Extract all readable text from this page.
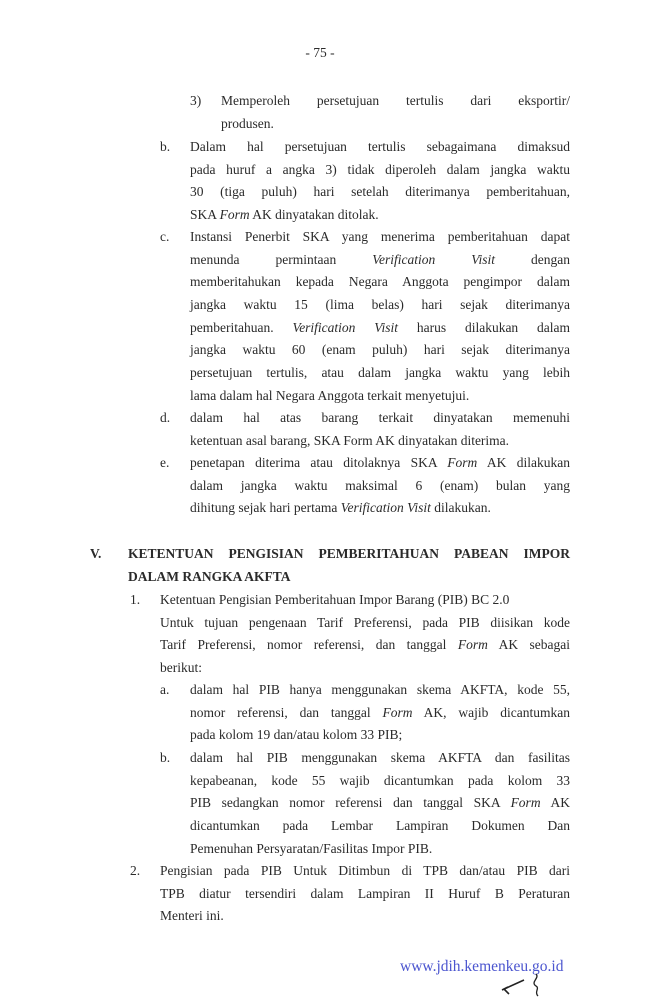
- 75 -
3) Memperoleh persetujuan tertulis dari eksportir/
produsen.
b. Dalam hal persetujuan tertulis sebagaimana dimaksud
pada huruf a angka 3) tidak diperoleh dalam jangka waktu
30 (tiga puluh) hari setelah diterimanya pemberitahuan,
SKA Form AK dinyatakan ditolak.
c. Instansi Penerbit SKA yang menerima pemberitahuan dapat
menunda permintaan Verification Visit dengan
memberitahukan kepada Negara Anggota pengimpor dalam
jangka waktu 15 (lima belas) hari sejak diterimanya
pemberitahuan. Verification Visit harus dilakukan dalam
jangka waktu 60 (enam puluh) hari sejak diterimanya
persetujuan tertulis, atau dalam jangka waktu yang lebih
lama dalam hal Negara Anggota terkait menyetujui.
d. dalam hal atas barang terkait dinyatakan memenuhi
ketentuan asal barang, SKA Form AK dinyatakan diterima.
e. penetapan diterima atau ditolaknya SKA Form AK dilakukan
dalam jangka waktu maksimal 6 (enam) bulan yang
dihitung sejak hari pertama Verification Visit dilakukan.
V. KETENTUAN PENGISIAN PEMBERITAHUAN PABEAN IMPOR
DALAM RANGKA AKFTA
1. Ketentuan Pengisian Pemberitahuan Impor Barang (PIB) BC 2.0
Untuk tujuan pengenaan Tarif Preferensi, pada PIB diisikan kode
Tarif Preferensi, nomor referensi, dan tanggal Form AK sebagai
berikut:
a. dalam hal PIB hanya menggunakan skema AKFTA, kode 55,
nomor referensi, dan tanggal Form AK, wajib dicantumkan
pada kolom 19 dan/atau kolom 33 PIB;
b. dalam hal PIB menggunakan skema AKFTA dan fasilitas
kepabeanan, kode 55 wajib dicantumkan pada kolom 33
PIB sedangkan nomor referensi dan tanggal SKA Form AK
dicantumkan pada Lembar Lampiran Dokumen Dan
Pemenuhan Persyaratan/Fasilitas Impor PIB.
2. Pengisian pada PIB Untuk Ditimbun di TPB dan/atau PIB dari
TPB diatur tersendiri dalam Lampiran II Huruf B Peraturan
Menteri ini.
www.jdih.kemenkeu.go.id
